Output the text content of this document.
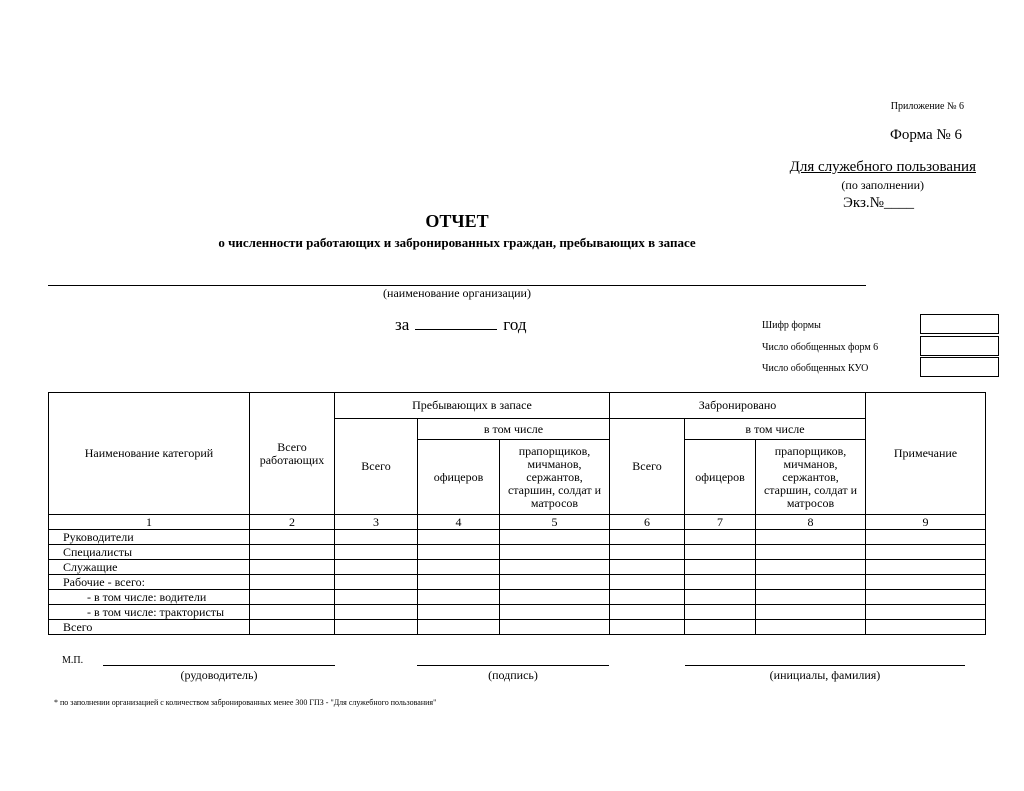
Приложение № 6
Форма № 6
Для служебного пользования
(по заполнении)
Экз.№____
ОТЧЕТ
о численности работающих и забронированных граждан, пребывающих в запасе
(наименование организации)
за	год	Шифр формы
Число обобщенных форм 6
Число обобщенных КУО
Наименование категорий	Всего работающих	Пребывающих в запасе			Забронировано			Примечание
		Всего	в том числе		Всего	в том числе		
			офицеров	прапорщиков, мичманов, сержантов, старшин, солдат и матросов		офицеров	прапорщиков, мичманов, сержантов, старшин, солдат и матросов	
1	2	3	4	5	6	7	8	9
Руководители								
Специалисты								
Служащие								
Рабочие - всего:								
- в том числе: водители								
- в том числе: трактористы								
Всего								
М.П.
(рудоводитель)	(подпись)	(инициалы, фамилия)
* по заполнении организацией с количеством забронированных менее 300 ГПЗ - "Для служебного пользования"
